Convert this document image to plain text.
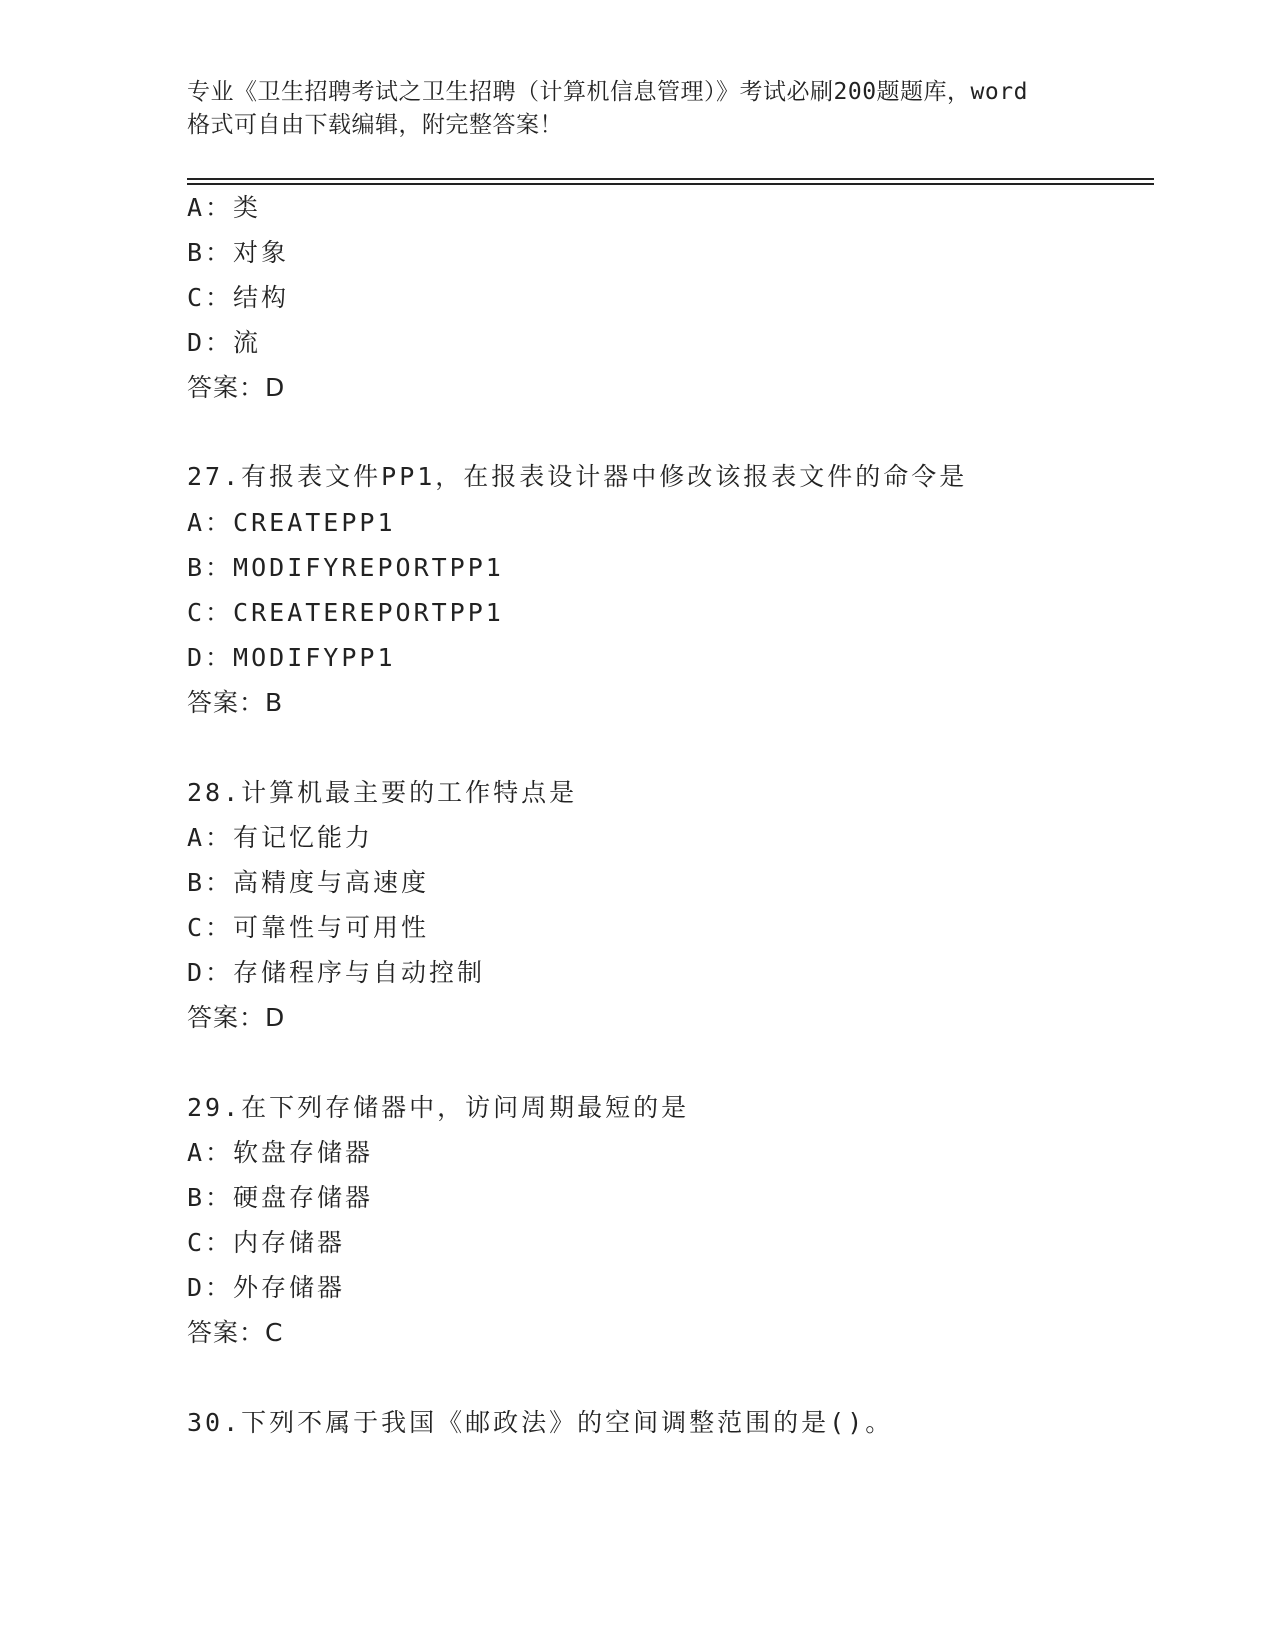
专业《卫生招聘考试之卫生招聘（计算机信息管理）》考试必刷200题题库，word
格式可自由下载编辑，附完整答案！
A：类
B：对象
C：结构
D：流
答案：D
27.有报表文件PP1，在报表设计器中修改该报表文件的命令是
A：CREATEPP1
B：MODIFYREPORTPP1
C：CREATEREPORTPP1
D：MODIFYPP1
答案：B
28.计算机最主要的工作特点是
A：有记忆能力
B：高精度与高速度
C：可靠性与可用性
D：存储程序与自动控制
答案：D
29.在下列存储器中，访问周期最短的是
A：软盘存储器
B：硬盘存储器
C：内存储器
D：外存储器
答案：C
30.下列不属于我国《邮政法》的空间调整范围的是()。
